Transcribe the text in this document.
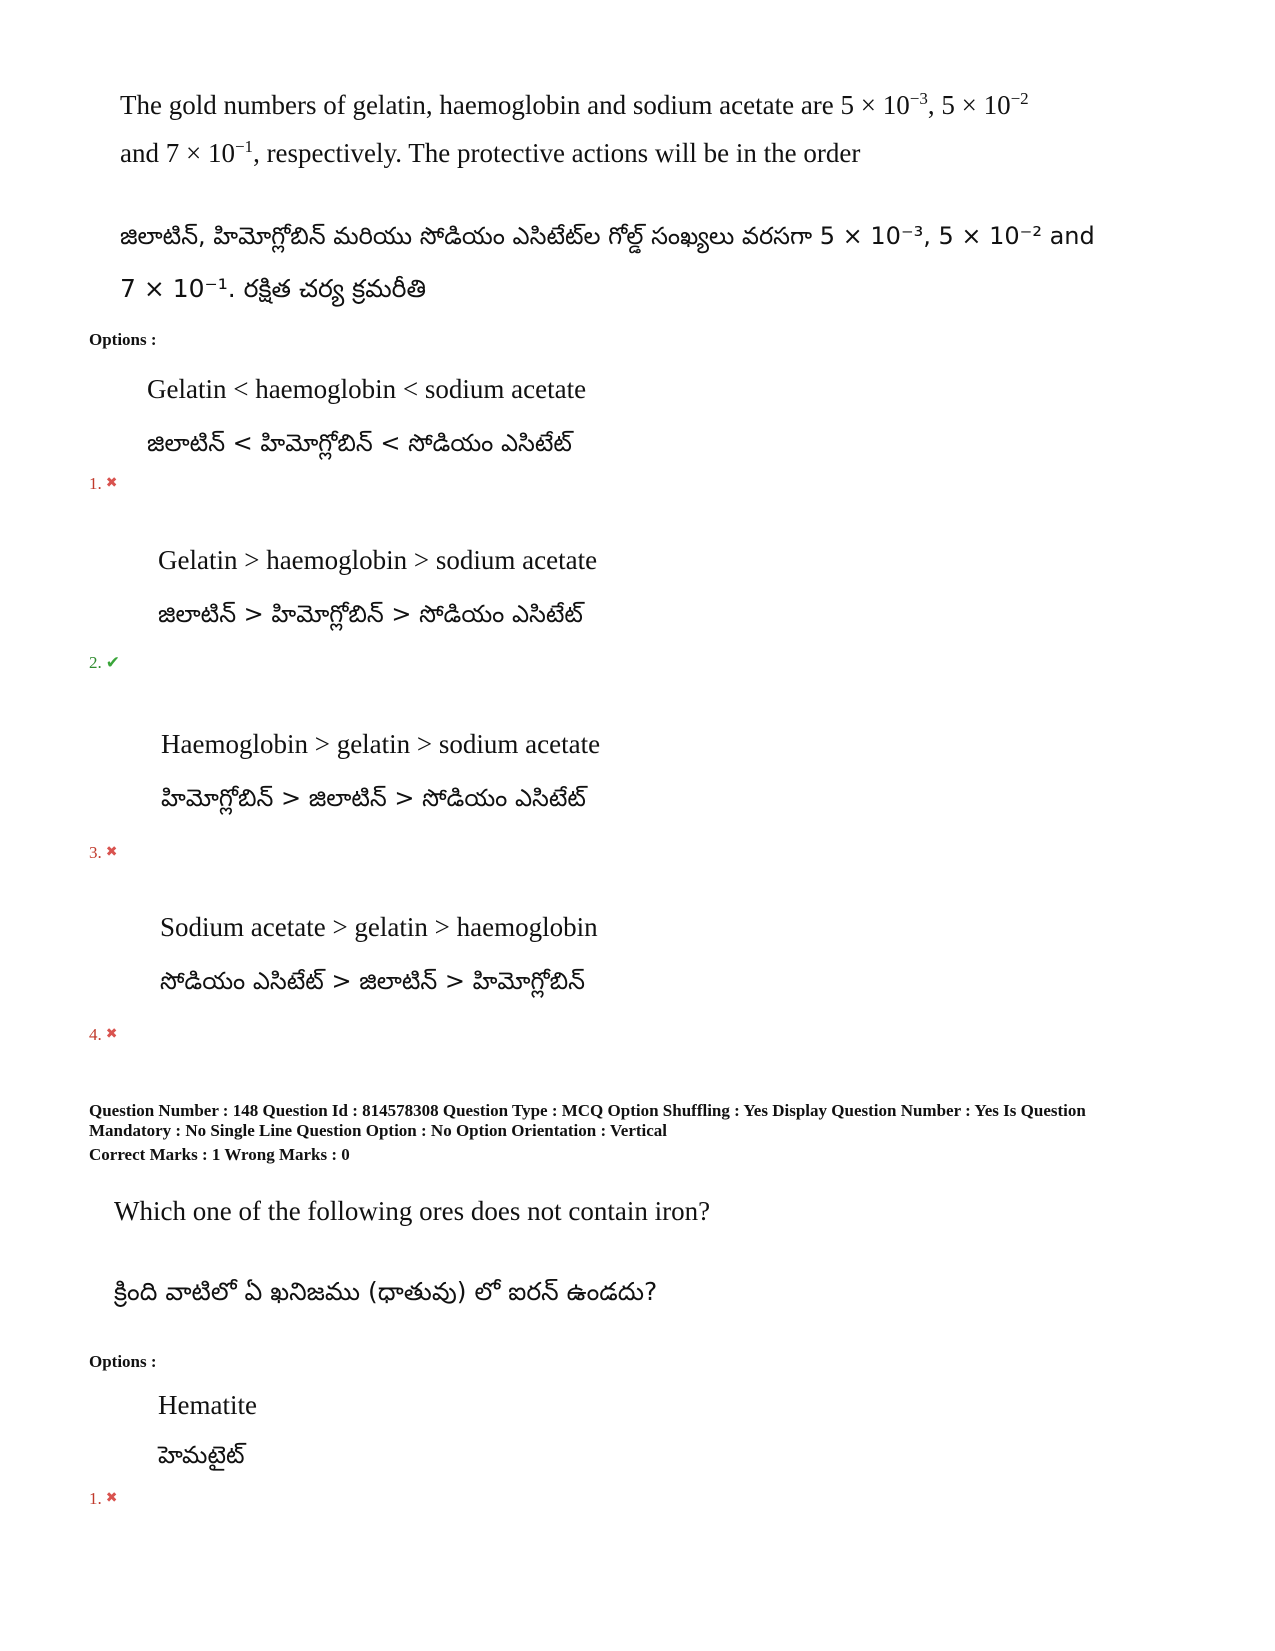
The gold numbers of gelatin, haemoglobin and sodium acetate are $5 \times 10^{-3}$, $5 \times 10^{-2}$
and $7 \times 10^{-1}$, respectively. The protective actions will be in the order
జిలాటిన్, హిమోగ్లోబిన్ మరియు సోడియం ఎసిటేట్‌ల గోల్డ్ సంఖ్యలు వరసగా 5 × 10⁻³, 5 × 10⁻² and
7 × 10⁻¹. రక్షిత చర్య క్రమరీతి
Options :
Gelatin < haemoglobin < sodium acetate
జిలాటిన్ < హిమోగ్లోబిన్ < సోడియం ఎసిటేట్
1. ✖
Gelatin > haemoglobin > sodium acetate
జిలాటిన్ > హిమోగ్లోబిన్ > సోడియం ఎసిటేట్
2. ✔
Haemoglobin > gelatin > sodium acetate
హిమోగ్లోబిన్ > జిలాటిన్ > సోడియం ఎసిటేట్
3. ✖
Sodium acetate > gelatin > haemoglobin
సోడియం ఎసిటేట్ > జిలాటిన్ > హిమోగ్లోబిన్
4. ✖
Question Number : 148 Question Id : 814578308 Question Type : MCQ Option Shuffling : Yes Display Question Number : Yes Is Question
Mandatory : No Single Line Question Option : No Option Orientation : Vertical
Correct Marks : 1 Wrong Marks : 0
Which one of the following ores does not contain iron?
క్రింది వాటిలో ఏ ఖనిజము (ధాతువు) లో ఐరన్ ఉండదు?
Options :
Hematite
హెమటైట్
1. ✖
